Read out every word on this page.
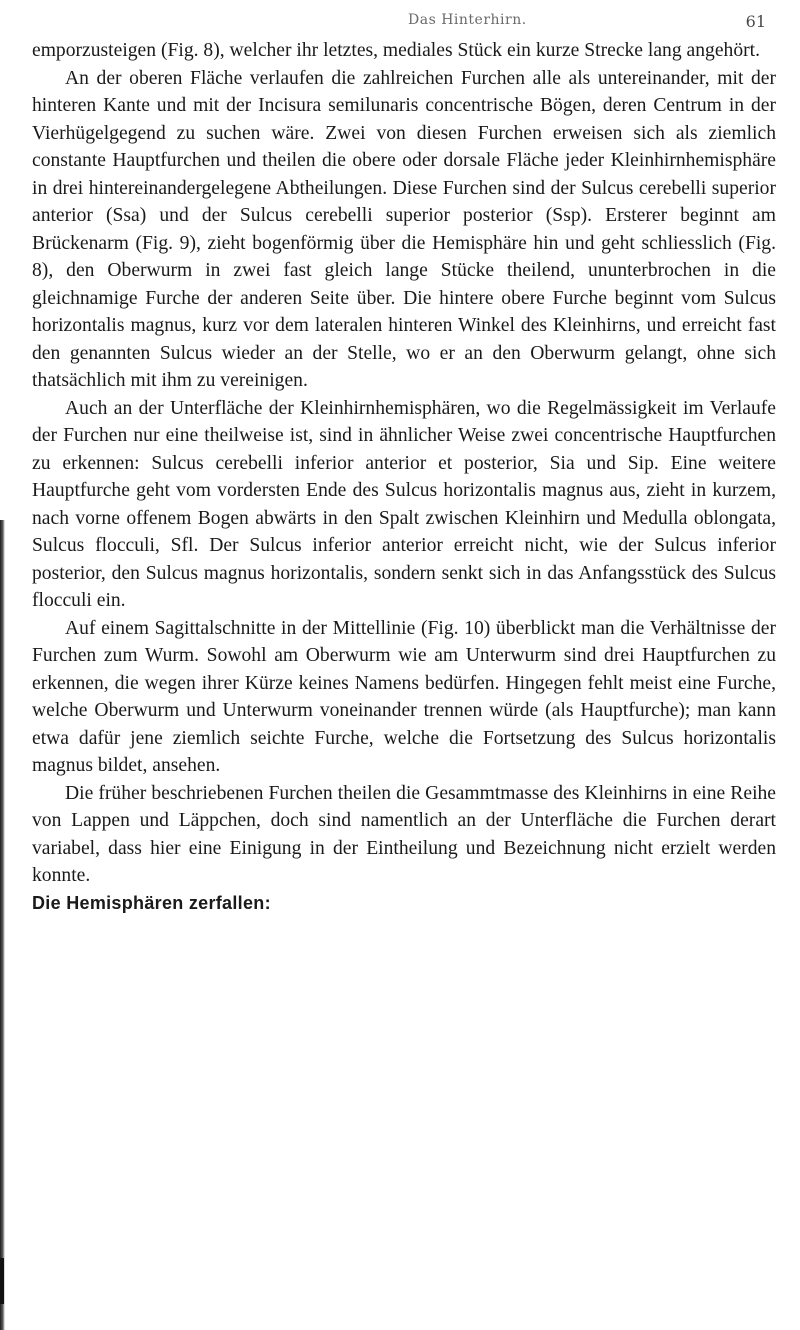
Das Hinterhirn.	61

emporzusteigen (Fig. 8), welcher ihr letztes, mediales Stück ein kurze Strecke lang angehört.

An der oberen Fläche verlaufen die zahlreichen Furchen alle als untereinander, mit der hinteren Kante und mit der Incisura semilunaris concentrische Bögen, deren Centrum in der Vierhügelgegend zu suchen wäre. Zwei von diesen Furchen erweisen sich als ziemlich constante Hauptfurchen und theilen die obere oder dorsale Fläche jeder Kleinhirnhemisphäre in drei hintereinandergelegene Abtheilungen. Diese Furchen sind der Sulcus cerebelli superior anterior (Ssa) und der Sulcus cerebelli superior posterior (Ssp). Ersterer beginnt am Brückenarm (Fig. 9), zieht bogenförmig über die Hemisphäre hin und geht schliesslich (Fig. 8), den Oberwurm in zwei fast gleich lange Stücke theilend, ununterbrochen in die gleichnamige Furche der anderen Seite über. Die hintere obere Furche beginnt vom Sulcus horizontalis magnus, kurz vor dem lateralen hinteren Winkel des Kleinhirns, und erreicht fast den genannten Sulcus wieder an der Stelle, wo er an den Oberwurm gelangt, ohne sich thatsächlich mit ihm zu vereinigen.

Auch an der Unterfläche der Kleinhirnhemisphären, wo die Regelmässigkeit im Verlaufe der Furchen nur eine theilweise ist, sind in ähnlicher Weise zwei concentrische Hauptfurchen zu erkennen: Sulcus cerebelli inferior anterior et posterior, Sia und Sip. Eine weitere Hauptfurche geht vom vordersten Ende des Sulcus horizontalis magnus aus, zieht in kurzem, nach vorne offenem Bogen abwärts in den Spalt zwischen Kleinhirn und Medulla oblongata, Sulcus flocculi, Sfl. Der Sulcus inferior anterior erreicht nicht, wie der Sulcus inferior posterior, den Sulcus magnus horizontalis, sondern senkt sich in das Anfangsstück des Sulcus flocculi ein.

Auf einem Sagittalschnitte in der Mittellinie (Fig. 10) überblickt man die Verhältnisse der Furchen zum Wurm. Sowohl am Oberwurm wie am Unterwurm sind drei Hauptfurchen zu erkennen, die wegen ihrer Kürze keines Namens bedürfen. Hingegen fehlt meist eine Furche, welche Oberwurm und Unterwurm voneinander trennen würde (als Hauptfurche); man kann etwa dafür jene ziemlich seichte Furche, welche die Fortsetzung des Sulcus horizontalis magnus bildet, ansehen.

Die früher beschriebenen Furchen theilen die Gesammtmasse des Kleinhirns in eine Reihe von Lappen und Läppchen, doch sind namentlich an der Unterfläche die Furchen derart variabel, dass hier eine Einigung in der Eintheilung und Bezeichnung nicht erzielt werden konnte.

Die Hemisphären zerfallen:
